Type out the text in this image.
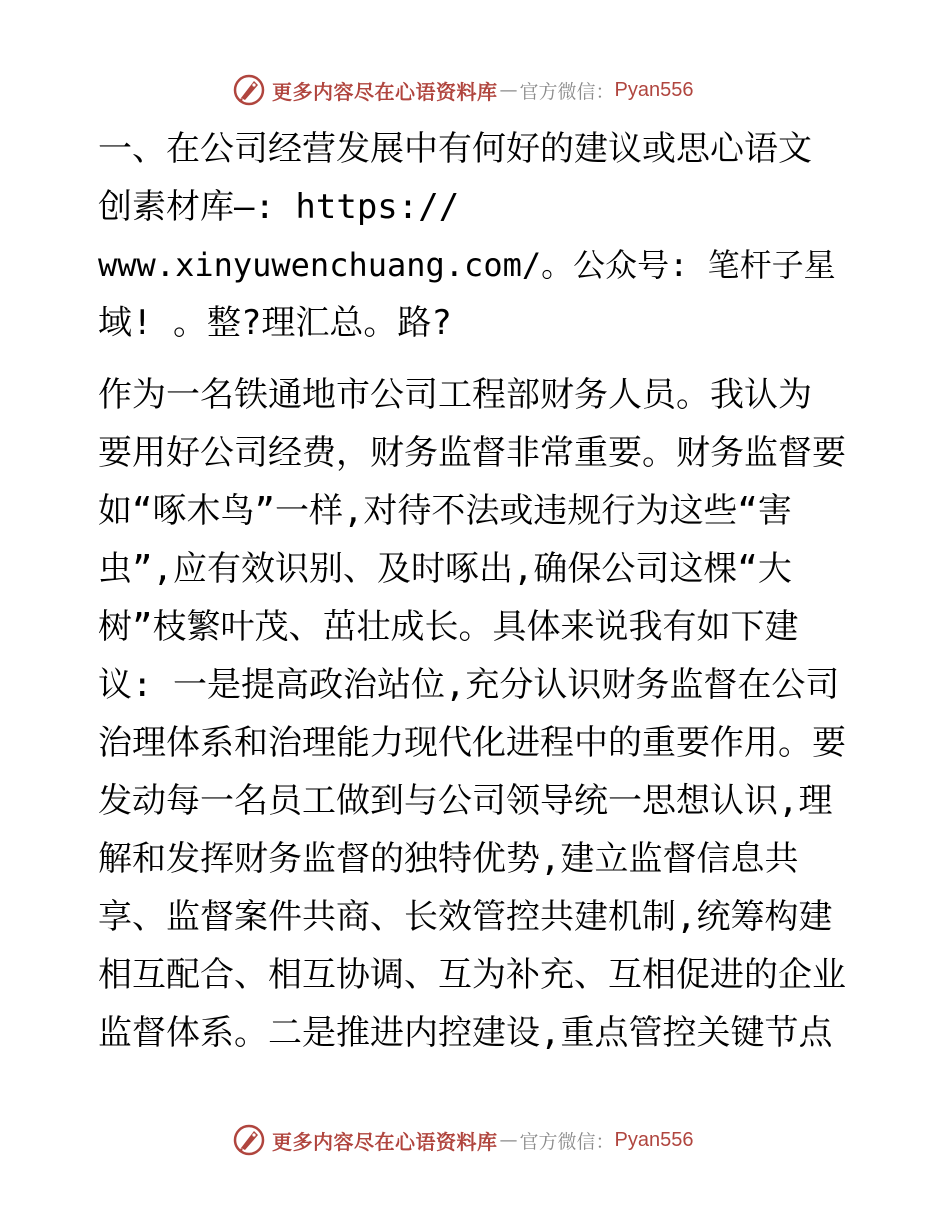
更多内容尽在心语资料库 — 官方微信： Pyan556
一、在公司经营发展中有何好的建议或思心语文
创素材库—: https://
www.xinyuwenchuang.com/。公众号: 笔杆子星
域! 。整?理汇总。路?
作为一名铁通地市公司工程部财务人员。我认为
要用好公司经费，财务监督非常重要。财务监督要
如“啄木鸟”一样,对待不法或违规行为这些“害
虫”,应有效识别、及时啄出,确保公司这棵“大
树”枝繁叶茂、茁壮成长。具体来说我有如下建
议: 一是提高政治站位,充分认识财务监督在公司
治理体系和治理能力现代化进程中的重要作用。要
发动每一名员工做到与公司领导统一思想认识,理
解和发挥财务监督的独特优势,建立监督信息共
享、监督案件共商、长效管控共建机制,统筹构建
相互配合、相互协调、互为补充、互相促进的企业
监督体系。二是推进内控建设,重点管控关键节点
更多内容尽在心语资料库 — 官方微信： Pyan556
